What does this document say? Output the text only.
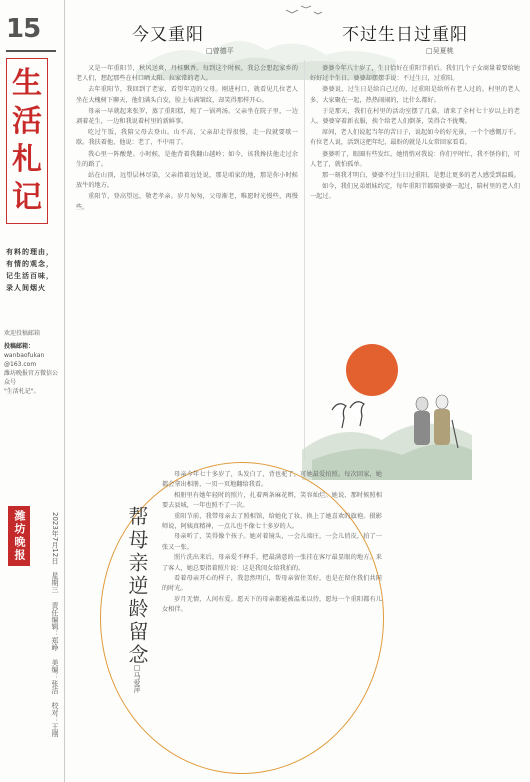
15
生
活
札
记
有料的理由，有情的观念，记生活百味，录人间烟火
欢迎投稿邮箱
投稿邮箱：
wanbaofukan
@163.com
潍坊晚报官方微信公众号
"生活札记"。
潍坊晚报	2023年7月12日 星期三 责任编辑：郑峥 美编：张洁 校对：王刚
今又重阳
□曾德平

又是一年重阳节，秋风送爽，丹桂飘香。每到这个时候，我总会想起家乡的老人们，想起那些在村口晒太阳、拉家常的老人。

去年重阳节，我回到了老家，看望年迈的父母。刚进村口，就看见几位老人坐在大槐树下聊天，他们满头白发，脸上布满皱纹，却笑得那样开心。

母亲一早就起来张罗，蒸了重阳糕，炖了一锅鸡汤。父亲坐在院子里，一边剥着花生，一边和我说着村里的新鲜事。

吃过午饭，我陪父母去登山。山不高，父亲却走得很慢，走一段就要歇一歇。我扶着他，他说：老了，不中用了。

我心里一阵酸楚。小时候，是他背着我翻山越岭；如今，该我搀扶他走过余生的路了。

站在山顶，远望层林尽染，父亲指着远处说，那是咱家的地，那是你小时候放牛的地方。

重阳节，登高望远，敬老孝亲。岁月匆匆，父母渐老，唯愿时光慢些，再慢些。

不过生日过重阳
□吴夏桃

婆婆今年八十岁了，生日恰好在重阳节前后。我们几个子女商量着要给她好好过个生日，婆婆却摆摆手说：不过生日，过重阳。

婆婆说，过生日是给自己过的，过重阳是给所有老人过的。村里的老人多，大家聚在一起，热热闹闹的，比什么都好。

于是那天，我们在村里的活动室摆了几桌，请来了全村七十岁以上的老人。婆婆穿着新衣服，挨个给老人们倒茶，笑得合不拢嘴。

席间，老人们说起当年的苦日子，说起如今的好光景，一个个感慨万千。有位老人说，活到这把年纪，最盼的就是儿女常回家看看。

婆婆听了，眼圈有些发红。她悄悄对我说：你们平时忙，我不怪你们，可人老了，就怕孤单。

那一刻我才明白，婆婆不过生日过重阳，是想让更多的老人感受到温暖。

如今，我们兄弟姐妹约定，每年重阳节都陪婆婆一起过，陪村里的老人们一起过。

帮母亲逆龄留念
□马爱萍

母亲今年七十多岁了，头发白了，背也驼了，可她最爱拍照。每次回家，她都会拿出相册，一页一页地翻给我看。

相册里有她年轻时的照片，扎着两条麻花辫，笑容灿烂。她说，那时候照相要去县城，一年也照不了一次。

重阳节前，我带母亲去了照相馆，给她化了妆，换上了她喜欢的旗袍。摄影师说，阿姨真精神，一点儿也不像七十多岁的人。

母亲听了，笑得像个孩子。她对着镜头，一会儿端庄，一会儿俏皮，拍了一张又一张。

照片洗出来后，母亲爱不释手，把最满意的一张挂在客厅最显眼的地方。来了客人，她总要指着照片说：这是我闺女给我拍的。

看着母亲开心的样子，我忽然明白，帮母亲留住美好，也是在留住我们共同的时光。

岁月无情，人间有爱。愿天下的母亲都能被温柔以待，愿每一个重阳都有儿女相伴。
